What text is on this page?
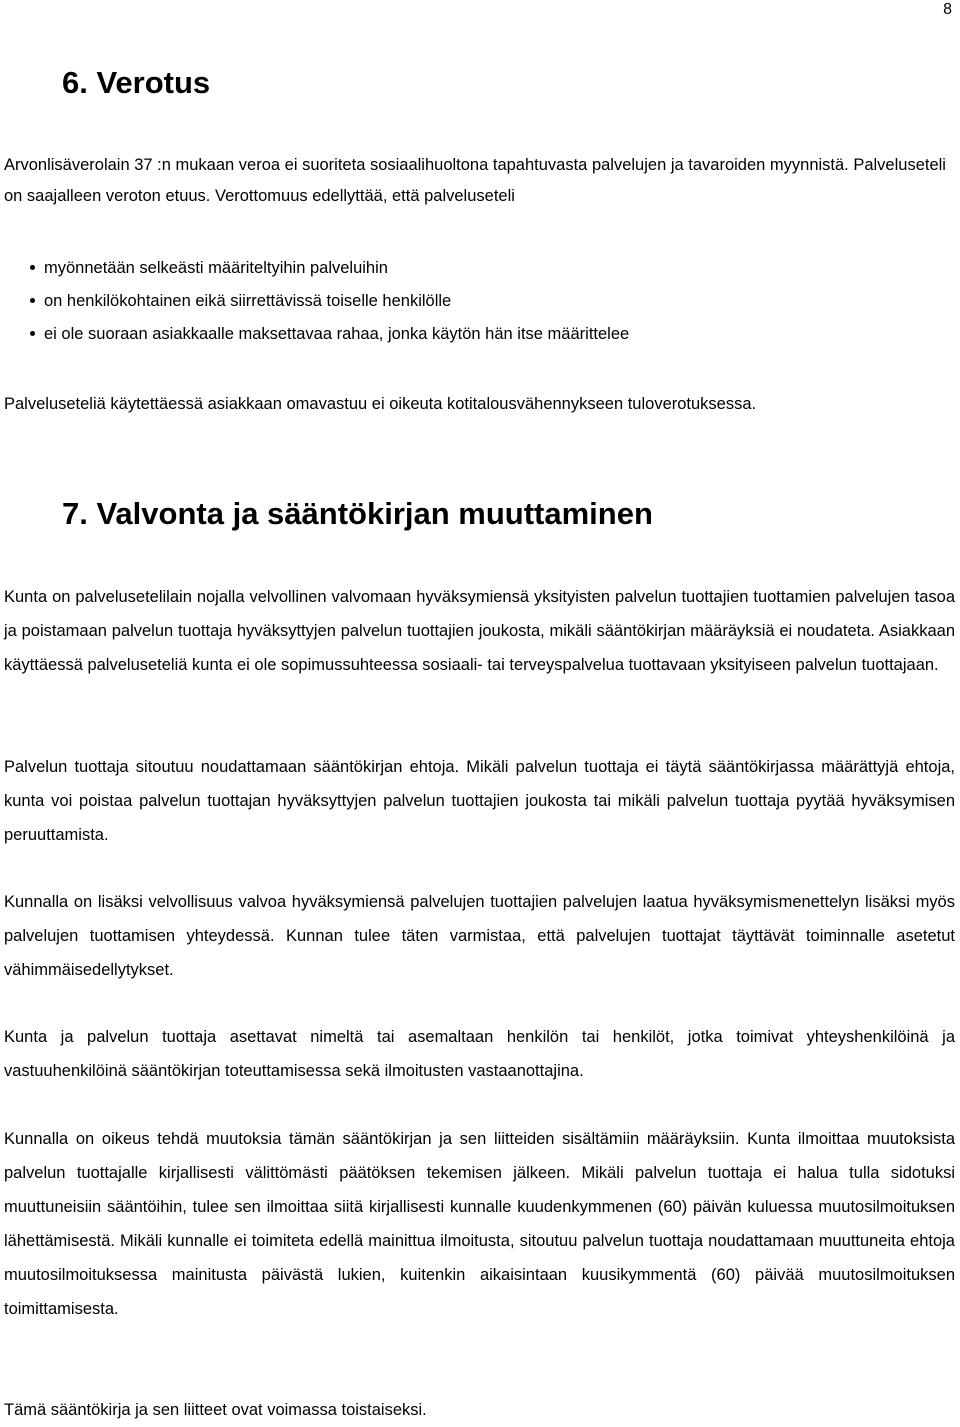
8
6. Verotus

Arvonlisäverolain 37 :n mukaan veroa ei suoriteta sosiaalihuoltona tapahtuvasta palvelujen ja tavaroiden myynnistä. Palveluseteli on saajalleen veroton etuus. Verottomuus edellyttää, että palveluseteli

myönnetään selkeästi määriteltyihin palveluihin
on henkilökohtainen eikä siirrettävissä toiselle henkilölle
ei ole suoraan asiakkaalle maksettavaa rahaa, jonka käytön hän itse määrittelee

Palveluseteliä käytettäessä asiakkaan omavastuu ei oikeuta kotitalousvähennykseen tuloverotuksessa.

7. Valvonta ja sääntökirjan muuttaminen

Kunta on palvelusetelilain nojalla velvollinen valvomaan hyväksymiensä yksityisten palvelun tuottajien tuottamien palvelujen tasoa ja poistamaan palvelun tuottaja hyväksyttyjen palvelun tuottajien joukosta, mikäli sääntökirjan määräyksiä ei noudateta. Asiakkaan käyttäessä palveluseteliä kunta ei ole sopimussuhteessa sosiaali- tai terveyspalvelua tuottavaan yksityiseen palvelun tuottajaan.

Palvelun tuottaja sitoutuu noudattamaan sääntökirjan ehtoja. Mikäli palvelun tuottaja ei täytä sääntökirjassa määrättyjä ehtoja, kunta voi poistaa palvelun tuottajan hyväksyttyjen palvelun tuottajien joukosta tai mikäli palvelun tuottaja pyytää hyväksymisen peruuttamista.

Kunnalla on lisäksi velvollisuus valvoa hyväksymiensä palvelujen tuottajien palvelujen laatua hyväksymismenettelyn lisäksi myös palvelujen tuottamisen yhteydessä. Kunnan tulee täten varmistaa, että palvelujen tuottajat täyttävät toiminnalle asetetut vähimmäisedellytykset.

Kunta ja palvelun tuottaja asettavat nimeltä tai asemaltaan henkilön tai henkilöt, jotka toimivat yhteyshenkilöinä ja vastuuhenkilöinä sääntökirjan toteuttamisessa sekä ilmoitusten vastaanottajina.

Kunnalla on oikeus tehdä muutoksia tämän sääntökirjan ja sen liitteiden sisältämiin määräyksiin. Kunta ilmoittaa muutoksista palvelun tuottajalle kirjallisesti välittömästi päätöksen tekemisen jälkeen. Mikäli palvelun tuottaja ei halua tulla sidotuksi muuttuneisiin sääntöihin, tulee sen ilmoittaa siitä kirjallisesti kunnalle kuudenkymmenen (60) päivän kuluessa muutosilmoituksen lähettämisestä. Mikäli kunnalle ei toimiteta edellä mainittua ilmoitusta, sitoutuu palvelun tuottaja noudattamaan muuttuneita ehtoja muutosilmoituksessa mainitusta päivästä lukien, kuitenkin aikaisintaan kuusikymmentä (60) päivää muutosilmoituksen toimittamisesta.

Tämä sääntökirja ja sen liitteet ovat voimassa toistaiseksi.
